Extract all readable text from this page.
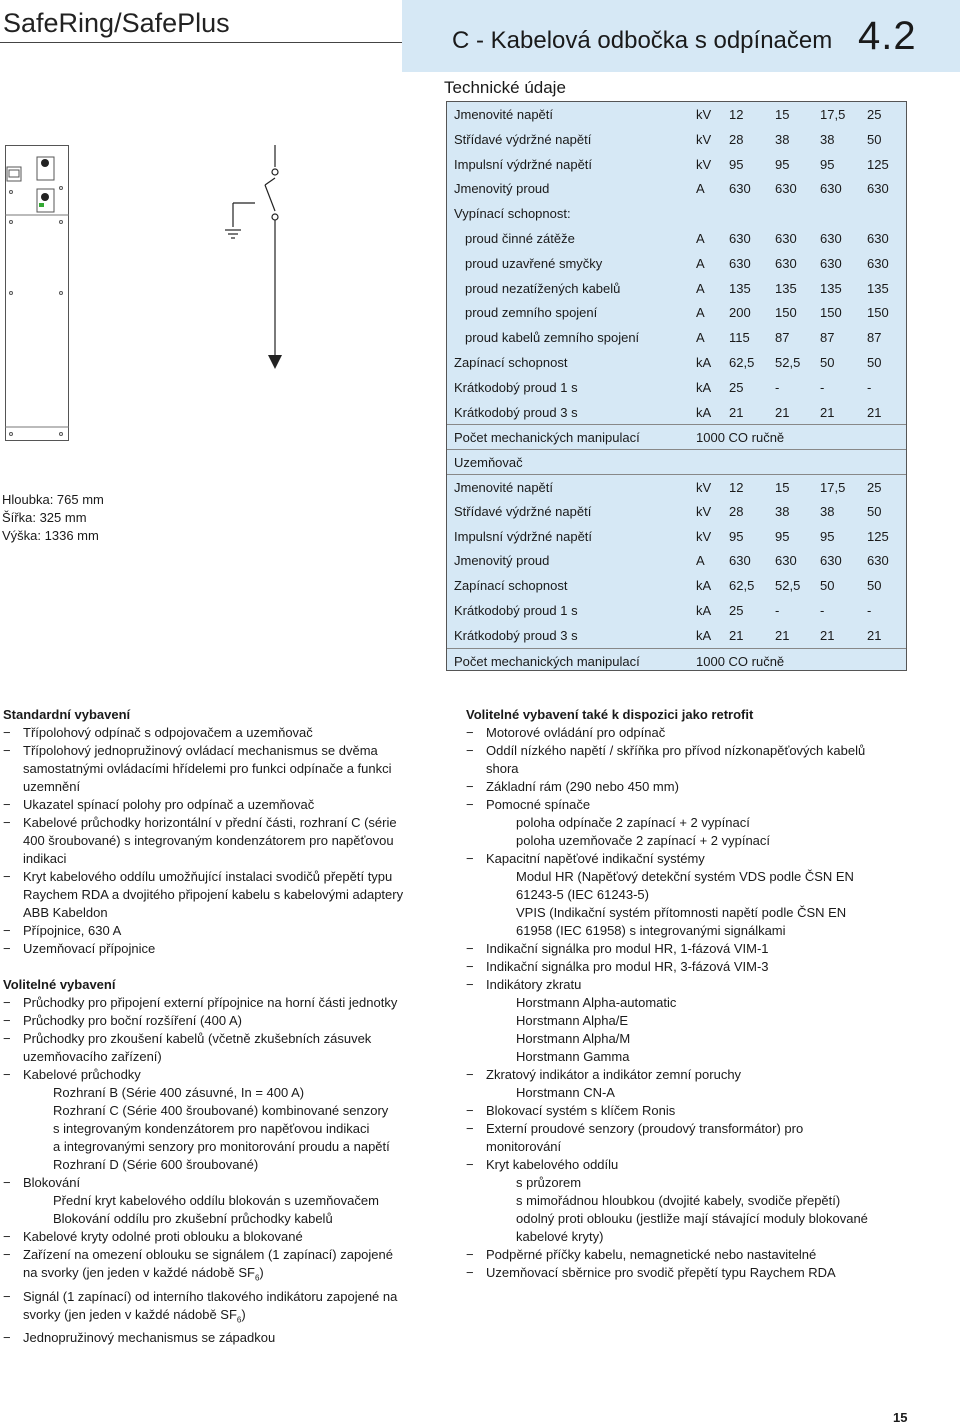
SafeRing/SafePlus
C - Kabelová odbočka s odpínačem 4.2
Technické údaje
Hloubka: 765 mm
Šířka: 325 mm
Výška: 1336 mm
Jmenovité napětí	kV 12 15 17,5 25
Střídavé výdržné napětí	kV 28 38 38	50
Impulsní výdržné napětí	kV 95 95 95	125
Jmenovitý proud	A 630 630 630 630
Vypínací schopnost:
proud činné zátěže	A 630 630 630 630
proud uzavřené smyčky	A 630 630 630 630
proud nezatížených kabelů	A 135 135 135 135
proud zemního spojení	A 200 150 150 150
proud kabelů zemního spojení	A 115 87 87	87
Zapínací schopnost	kA 62,5 52,5 50	50
Krátkodobý proud 1 s	kA 25 -	-	-
Krátkodobý proud 3 s	kA 21 21 21	21
Počet mechanických manipulací	1000 CO ručně
Uzemňovač
Jmenovité napětí	kV 12 15 17,5 25
Střídavé výdržné napětí	kV 28 38 38	50
Impulsní výdržné napětí	kV 95 95 95	125
Jmenovitý proud	A 630 630 630 630
Zapínací schopnost	kA 62,5 52,5 50	50
Krátkodobý proud 1 s	kA 25 -	-	-
Krátkodobý proud 3 s	kA 21 21 21	21
Počet mechanických manipulací	1000 CO ručně
Standardní vybavení
− Třípolohový odpínač s odpojovačem a uzemňovač
− Třípolohový jednopružinový ovládací mechanismus se dvěma
samostatnými ovládacími hřídelemi pro funkci odpínače a funkci
uzemnění
− Ukazatel spínací polohy pro odpínač a uzemňovač
− Kabelové průchodky horizontální v přední části, rozhraní C (série
400 šroubované) s integrovaným kondenzátorem pro napěťovou
indikaci
− Kryt kabelového oddílu umožňující instalaci svodičů přepětí typu
Raychem RDA a dvojitého připojení kabelu s kabelovými adaptery
ABB Kabeldon
− Přípojnice, 630 A
− Uzemňovací přípojnice
Volitelné vybavení
− Průchodky pro připojení externí přípojnice na horní části jednotky
− Průchodky pro boční rozšíření (400 A)
− Průchodky pro zkoušení kabelů (včetně zkušebních zásuvek
uzemňovacího zařízení)
− Kabelové průchodky
Rozhraní B (Série 400 zásuvné, In = 400 A)
Rozhraní C (Série 400 šroubované) kombinované senzory
s integrovaným kondenzátorem pro napěťovou indikaci
a integrovanými senzory pro monitorování proudu a napětí
Rozhraní D (Série 600 šroubované)
− Blokování
Přední kryt kabelového oddílu blokován s uzemňovačem
Blokování oddílu pro zkušební průchodky kabelů
− Kabelové kryty odolné proti oblouku a blokované
− Zařízení na omezení oblouku se signálem (1 zapínací) zapojené
na svorky (jen jeden v každé nádobě $SF_6$)
− Signál (1 zapínací) od interního tlakového indikátoru zapojené na
svorky (jen jeden v každé nádobě $SF_6$)
− Jednopružinový mechanismus se západkou
Volitelné vybavení také k dispozici jako retrofit
− Motorové ovládání pro odpínač
− Oddíl nízkého napětí / skříňka pro přívod nízkonapěťových kabelů
shora
− Základní rám (290 nebo 450 mm)
− Pomocné spínače
poloha odpínače 2 zapínací + 2 vypínací
poloha uzemňovače 2 zapínací + 2 vypínací
− Kapacitní napěťové indikační systémy
Modul HR (Napěťový detekční systém VDS podle ČSN EN
61243-5 (IEC 61243-5)
VPIS (Indikační systém přítomnosti napětí podle ČSN EN
61958 (IEC 61958) s integrovanými signálkami
− Indikační signálka pro modul HR, 1-fázová VIM-1
− Indikační signálka pro modul HR, 3-fázová VIM-3
− Indikátory zkratu
Horstmann Alpha-automatic
Horstmann Alpha/E
Horstmann Alpha/M
Horstmann Gamma
− Zkratový indikátor a indikátor zemní poruchy
Horstmann CN-A
− Blokovací systém s klíčem Ronis
− Externí proudové senzory (proudový transformátor) pro
monitorování
− Kryt kabelového oddílu
s průzorem
s mimořádnou hloubkou (dvojité kabely, svodiče přepětí)
odolný proti oblouku (jestliže mají stávající moduly blokované
kabelové kryty)
− Podpěrné příčky kabelu, nemagnetické nebo nastavitelné
− Uzemňovací sběrnice pro svodič přepětí typu Raychem RDA
15
